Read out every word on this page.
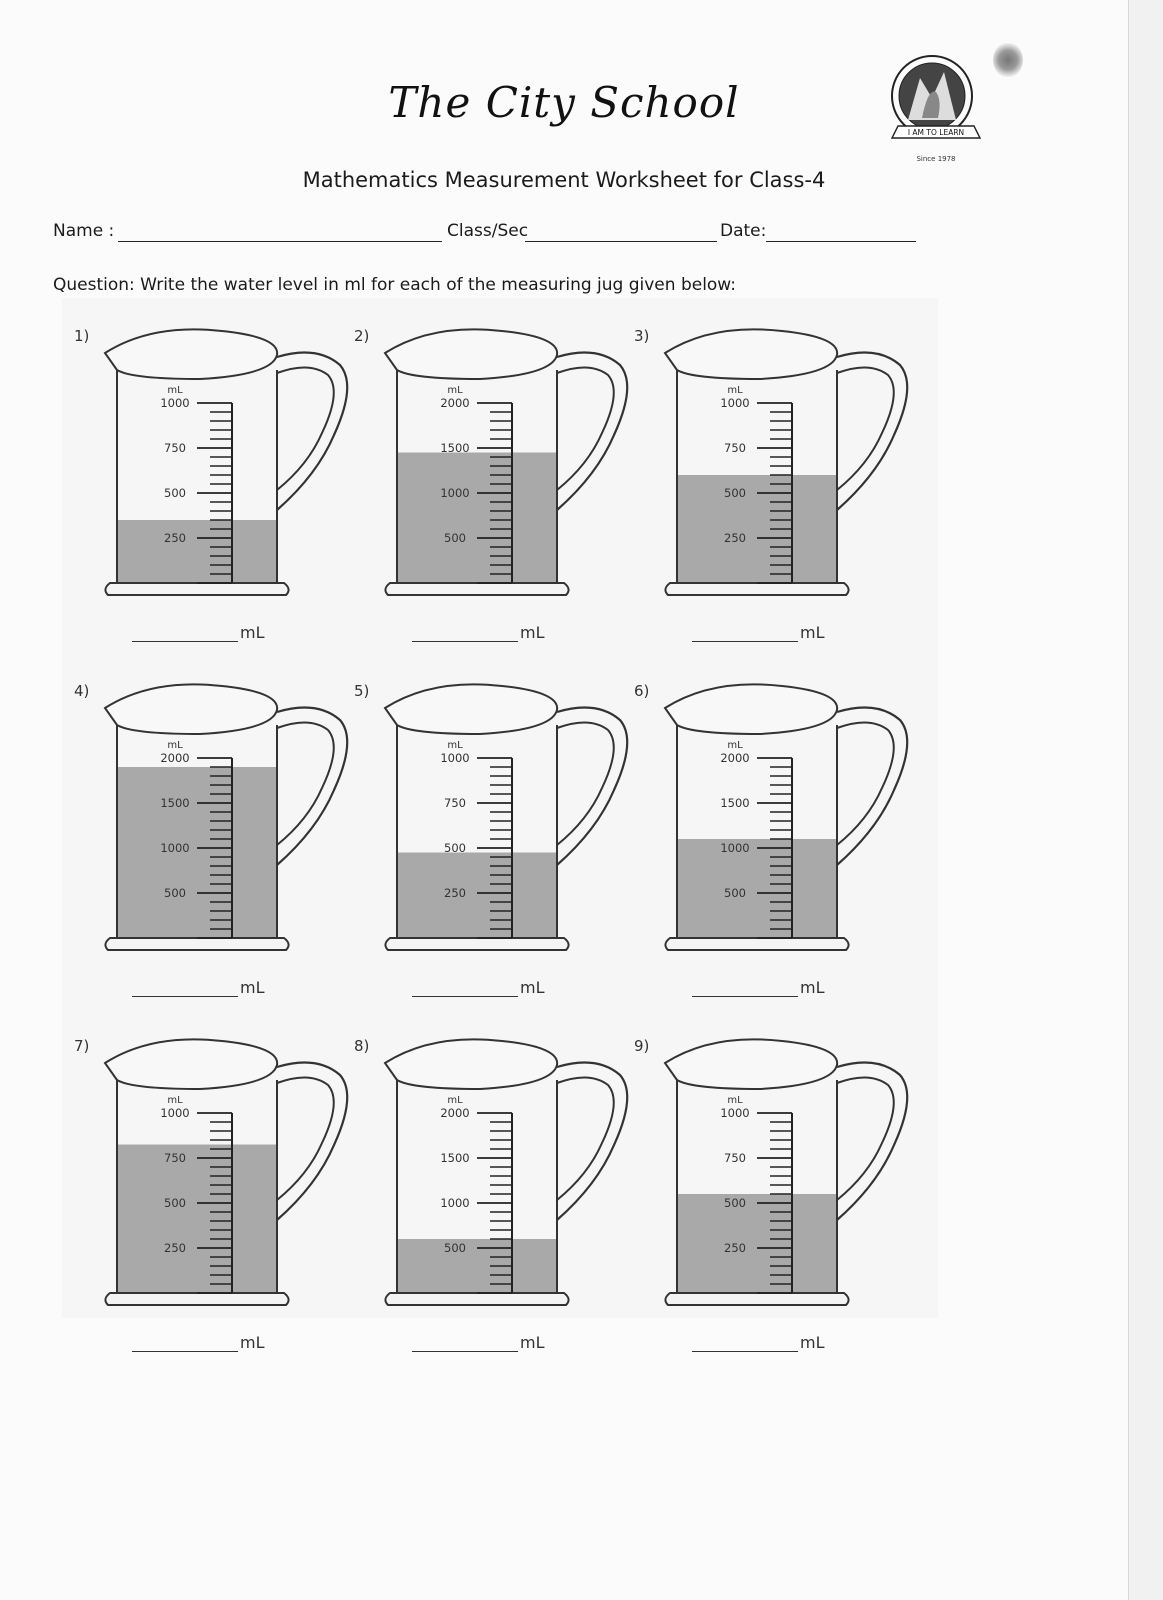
The City School
I AM TO LEARN
Since 1978
Mathematics Measurement Worksheet for Class-4
Name :	Class/Sec	Date:
Question: Write the water level in ml for each of the measuring jug given below:
1)
mL
1000
750
500
250
mL
2)
mL
2000
1500
1000
500
mL
3)
mL
1000
750
500
250
mL
4)
mL
2000
1500
1000
500
mL
5)
mL
1000
750
500
250
mL
6)
mL
2000
1500
1000
500
mL
7)
mL
1000
750
500
250
mL
8)
mL
2000
1500
1000
500
mL
9)
mL
1000
750
500
250
mL
